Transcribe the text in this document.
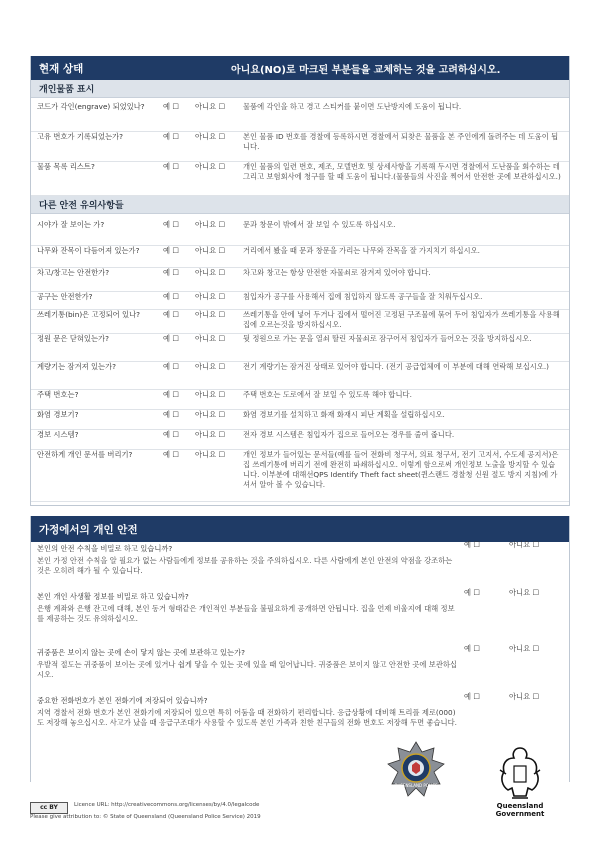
현재 상태	아니요(NO)로 마크된 부분들을 교체하는 것을 고려하십시오.
개인물품 표시
코드가 각인(engrave) 되었있나?	예 ☐	아니요 ☐	물품에 각인을 하고 경고 스티커를 붙이면 도난방지에 도움이 됩니다.
고유 번호가 기록되었는가?	예 ☐	아니요 ☐	본인 물품 ID 번호를 경찰에 등록하시면 경찰에서 되찾은 물품을 본 주인에게 돌려주는 데 도움이 됩니다.
물품 목록 리스트?	예 ☐	아니요 ☐	개인 물품의 일련 번호, 제조, 모델번호 및 상세사항을 기록해 두시면 경찰에서 도난품을 회수하는 데 그리고 보험회사에 청구를 할 때 도움이 됩니다.(물품들의 사진을 찍어서 안전한 곳에 보관하십시오.)
다른 안전 유의사항들
시야가 잘 보이는 가?	예 ☐	아니요 ☐	문과 창문이 밖에서 잘 보일 수 있도록 하십시오.
나무와 잔목이 다듬어져 있는가?	예 ☐	아니요 ☐	거리에서 봤을 때 문과 창문을 가리는 나무와 잔목을 잘 가지치기 하십시오.
차고/창고는 안전한가?	예 ☐	아니요 ☐	차고와 창고는 항상 안전한 자물쇠로 잠겨져 있어야 합니다.
공구는 안전한가?	예 ☐	아니요 ☐	침입자가 공구를 사용해서 집에 침입하지 않도록 공구들을 잘 치워두십시오.
쓰레기통(bin)은 고정되어 있나?	예 ☐	아니요 ☐	쓰레기통을 안에 넣어 두거나 집에서 떨어진 고정된 구조물에 묶어 두어 침입자가 쓰레기통을 사용해 집에 오르는것을 방지하십시오.
정원 문은 닫혀있는가?	예 ☐	아니요 ☐	뒷 정원으로 가는 문을 열쇠 딸린 자물쇠로 잠구어서 침입자가 들어오는 것을 방지하십시오.
계량기는 잠겨져 있는가?	예 ☐	아니요 ☐	전기 계량기는 잠겨진 상태로 있어야 합니다. (전기 공급업체에 이 부분에 대해 연락해 보십시오.)
주택 번호는?	예 ☐	아니요 ☐	주택 번호는 도로에서 잘 보일 수 있도록 해야 합니다.
화염 경보기?	예 ☐	아니요 ☐	화염 경보기를 설치하고 화재 화재시 피난 계획을 설립하십시오.
경보 시스템?	예 ☐	아니요 ☐	전자 경보 시스템은 침입자가 집으로 들어오는 경우를 줄여 줍니다.
안전하게 개인 문서를 버리기?	예 ☐	아니요 ☐	개인 정보가 들어있는 문서들(예를 들어 전화비 청구서, 의료 청구서, 전기 고지서, 수도세 공지서)은 집 쓰레기통에 버리기 전에 완전히 파쇄하십시오. 이렇게 함으로써 개인정보 노출을 방지할 수 있습니다. 이부분에 대해선QPS Identify Theft fact sheet(퀸스랜드 경찰청 신원 절도 방지 지침)에 가셔서 알아 볼 수 있습니다.
가정에서의 개인 안전
본인의 안전 수칙을 비밀로 하고 있습니까?	예 ☐	아니요 ☐
본인 가정 안전 수칙을 알 필요가 없는 사람들에게 정보를 공유하는 것을 주의하십시오. 다른 사람에게 본인 안전의 약점을 강조하는 것은 오히려 해가 될 수 있습니다.
본인 개인 사생활 정보를 비밀로 하고 있습니까?	예 ☐	아니요 ☐
은행 계좌와 은행 잔고에 대해, 본인 동거 형태같은 개인적인 부분들을 불필요하게 공개하면 안됩니다. 집을 언제 비울지에 대해 정보를 제공하는 것도 유의하십시오.
귀중품은 보이지 않는 곳에 손이 닿지 않는 곳에 보관하고 있는가?	예 ☐	아니요 ☐
우발적 절도는 귀중품이 보이는 곳에 있거나 쉽게 닿을 수 있는 곳에 있을 때 일어납니다. 귀중품은 보이지 않고 안전한 곳에 보관하십시오.
중요한 전화번호가 본인 전화기에 저장되어 있습니까?	예 ☐	아니요 ☐
지역 경찰서 전화 번호가 본인 전화기에 저장되어 있으면 특히 어둠을 때 전화하기 편리합니다. 응급상황에 대비해 트리플 제로(000)도 저장해 놓으십시오. 사고가 났을 때 응급구조대가 사용할 수 있도록 본인 가족과 친한 친구들의 전화 번호도 저장해 두면 좋습니다.
cc BY	Licence URL: http://creativecommons.org/licenses/by/4.0/legalcode
Please give attribution to: © State of Queensland (Queensland Police Service) 2019
QUEENSLAND POLICE
Queensland
Government
